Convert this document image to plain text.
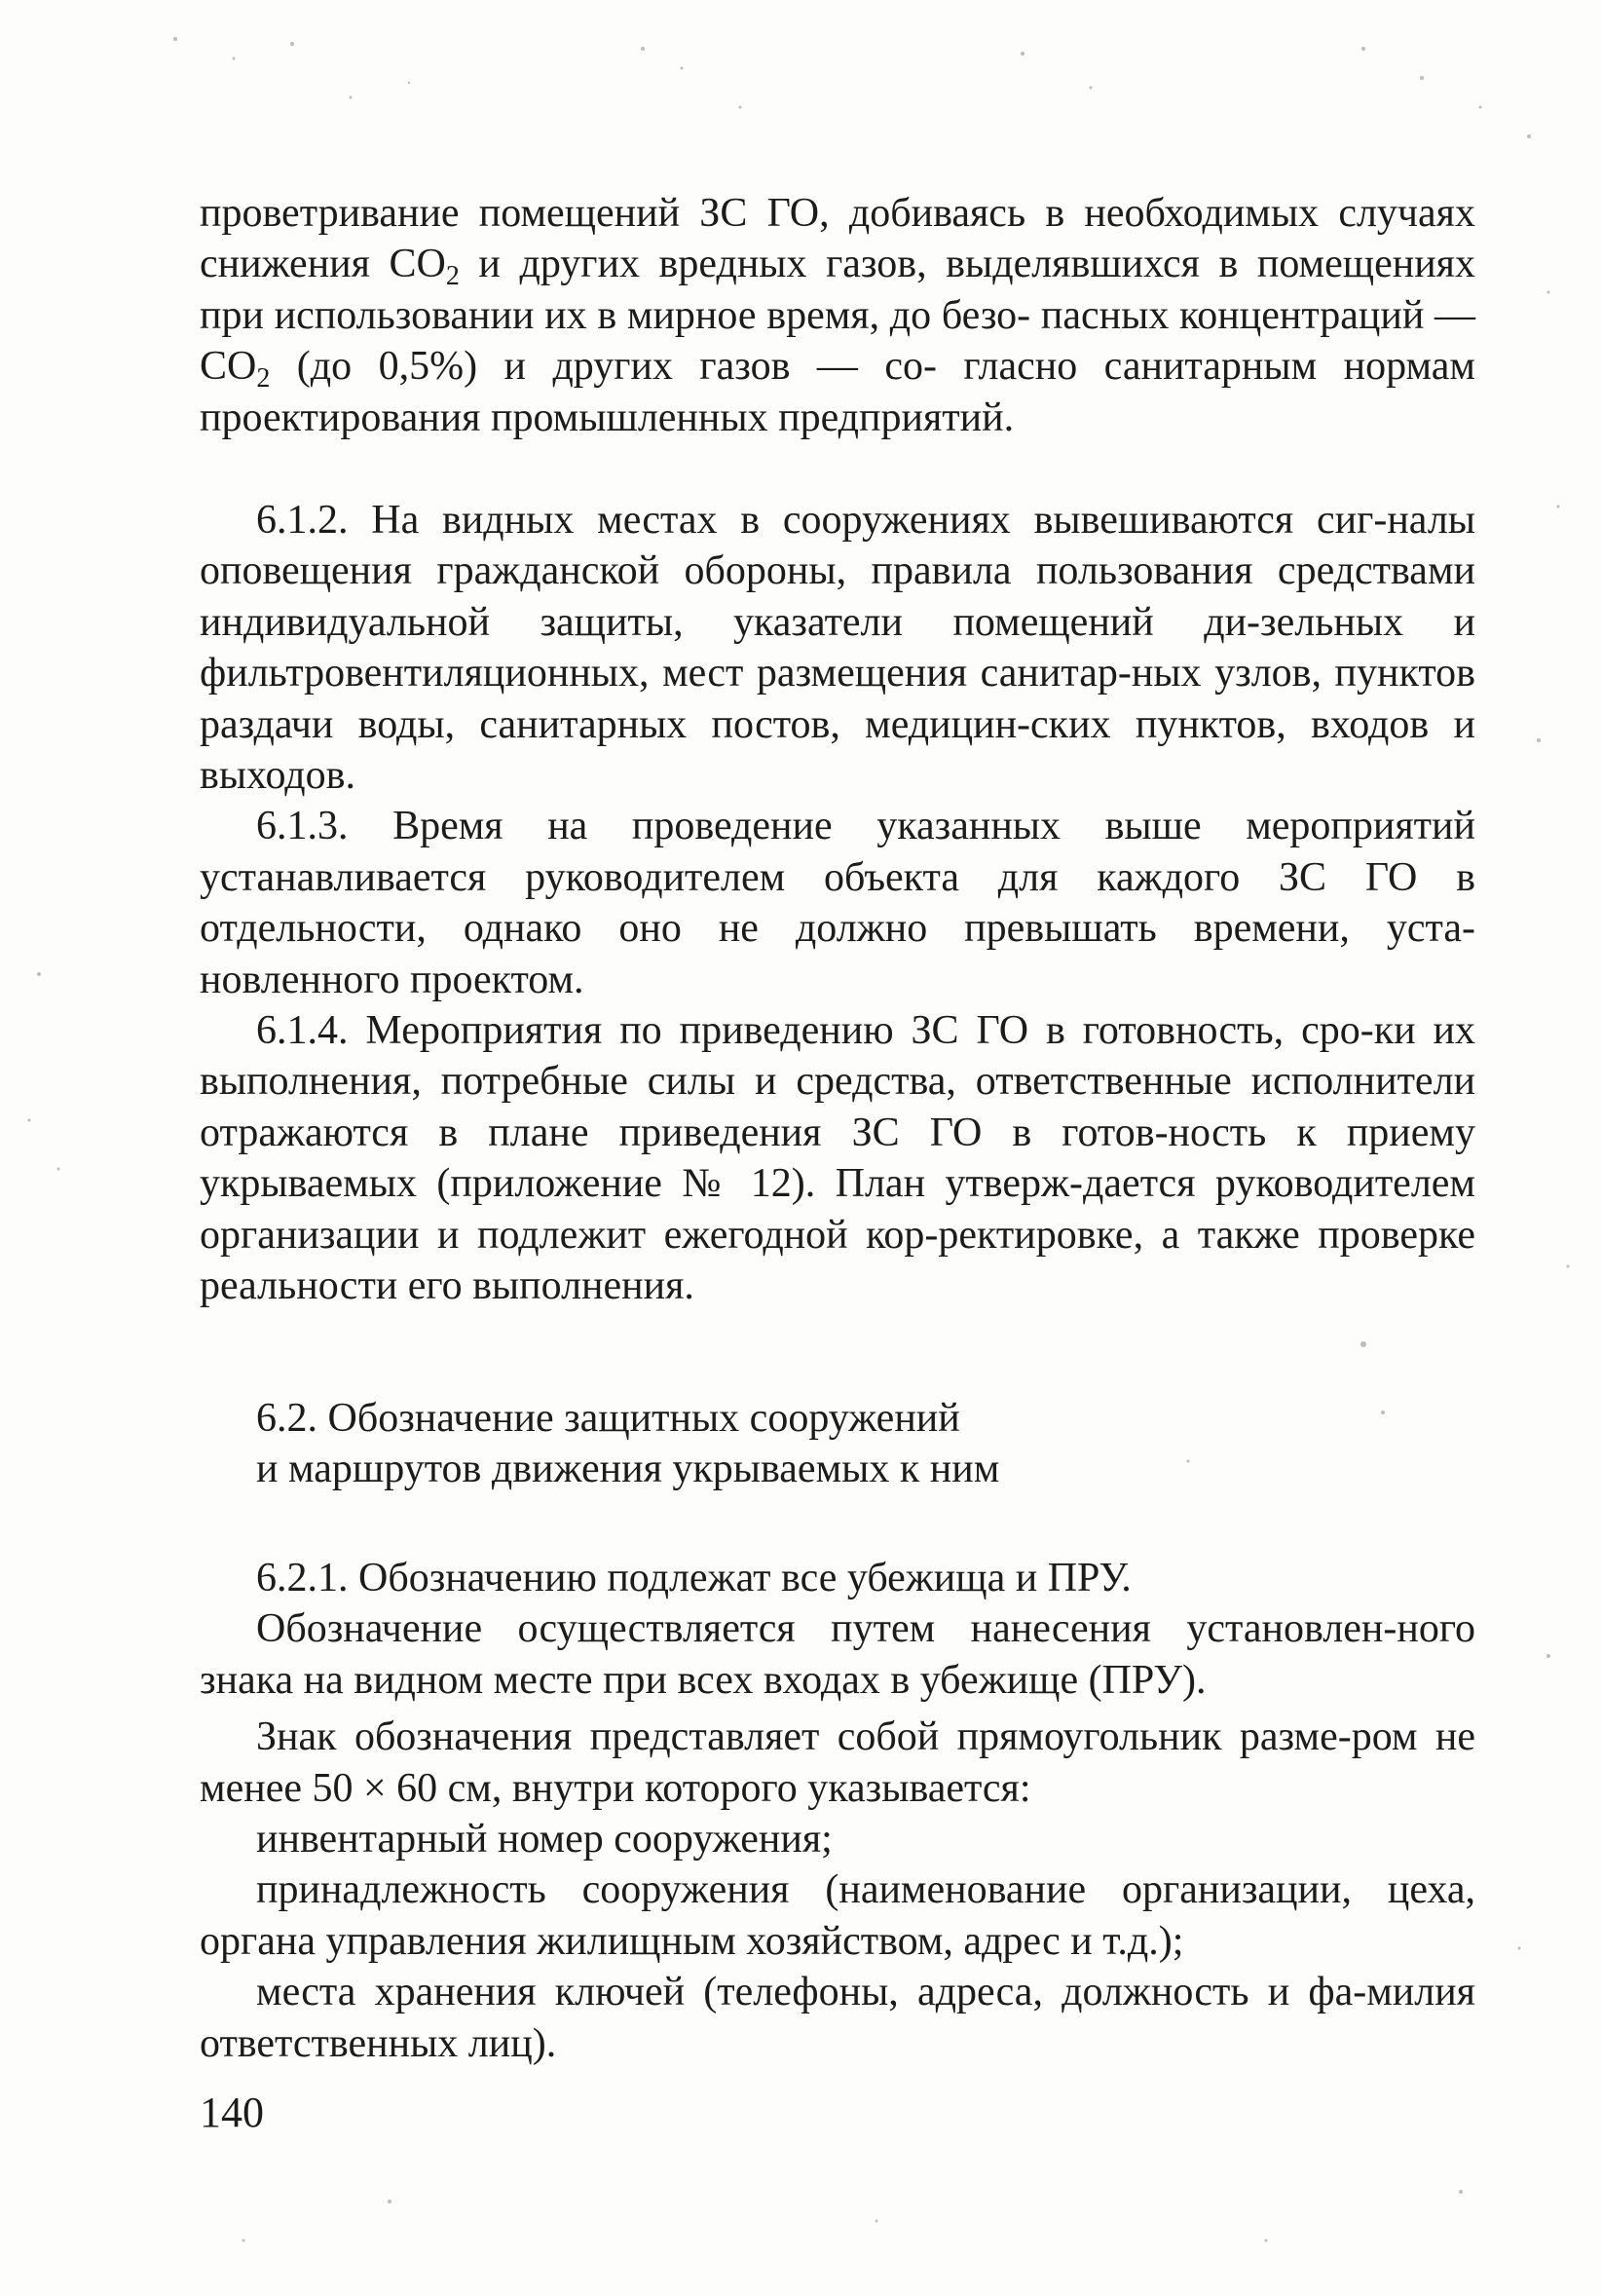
проветривание помещений ЗС ГО, добиваясь в необходимых случаях снижения $CO_2$ и других вредных газов, выделявшихся в помещениях при использовании их в мирное время, до безо- пасных концентраций — $CO_2$ (до 0,5%) и других газов — со- гласно санитарным нормам проектирования промышленных предприятий.

6.1.2. На видных местах в сооружениях вывешиваются сиг-налы оповещения гражданской обороны, правила пользования средствами индивидуальной защиты, указатели помещений ди-зельных и фильтровентиляционных, мест размещения санитар-ных узлов, пунктов раздачи воды, санитарных постов, медицин-ских пунктов, входов и выходов.

6.1.3. Время на проведение указанных выше мероприятий устанавливается руководителем объекта для каждого ЗС ГО в отдельности, однако оно не должно превышать времени, уста-новленного проектом.

6.1.4. Мероприятия по приведению ЗС ГО в готовность, сро-ки их выполнения, потребные силы и средства, ответственные исполнители отражаются в плане приведения ЗС ГО в готов-ность к приему укрываемых (приложение № 12). План утверж-дается руководителем организации и подлежит ежегодной кор-ректировке, а также проверке реальности его выполнения.

6.2. Обозначение защитных сооружений

и маршрутов движения укрываемых к ним

6.2.1. Обозначению подлежат все убежища и ПРУ.

Обозначение осуществляется путем нанесения установлен-ного знака на видном месте при всех входах в убежище (ПРУ).

Знак обозначения представляет собой прямоугольник разме-ром не менее 50 × 60 см, внутри которого указывается:

инвентарный номер сооружения;

принадлежность сооружения (наименование организации, цеха, органа управления жилищным хозяйством, адрес и т.д.);

места хранения ключей (телефоны, адреса, должность и фа-милия ответственных лиц).

140
